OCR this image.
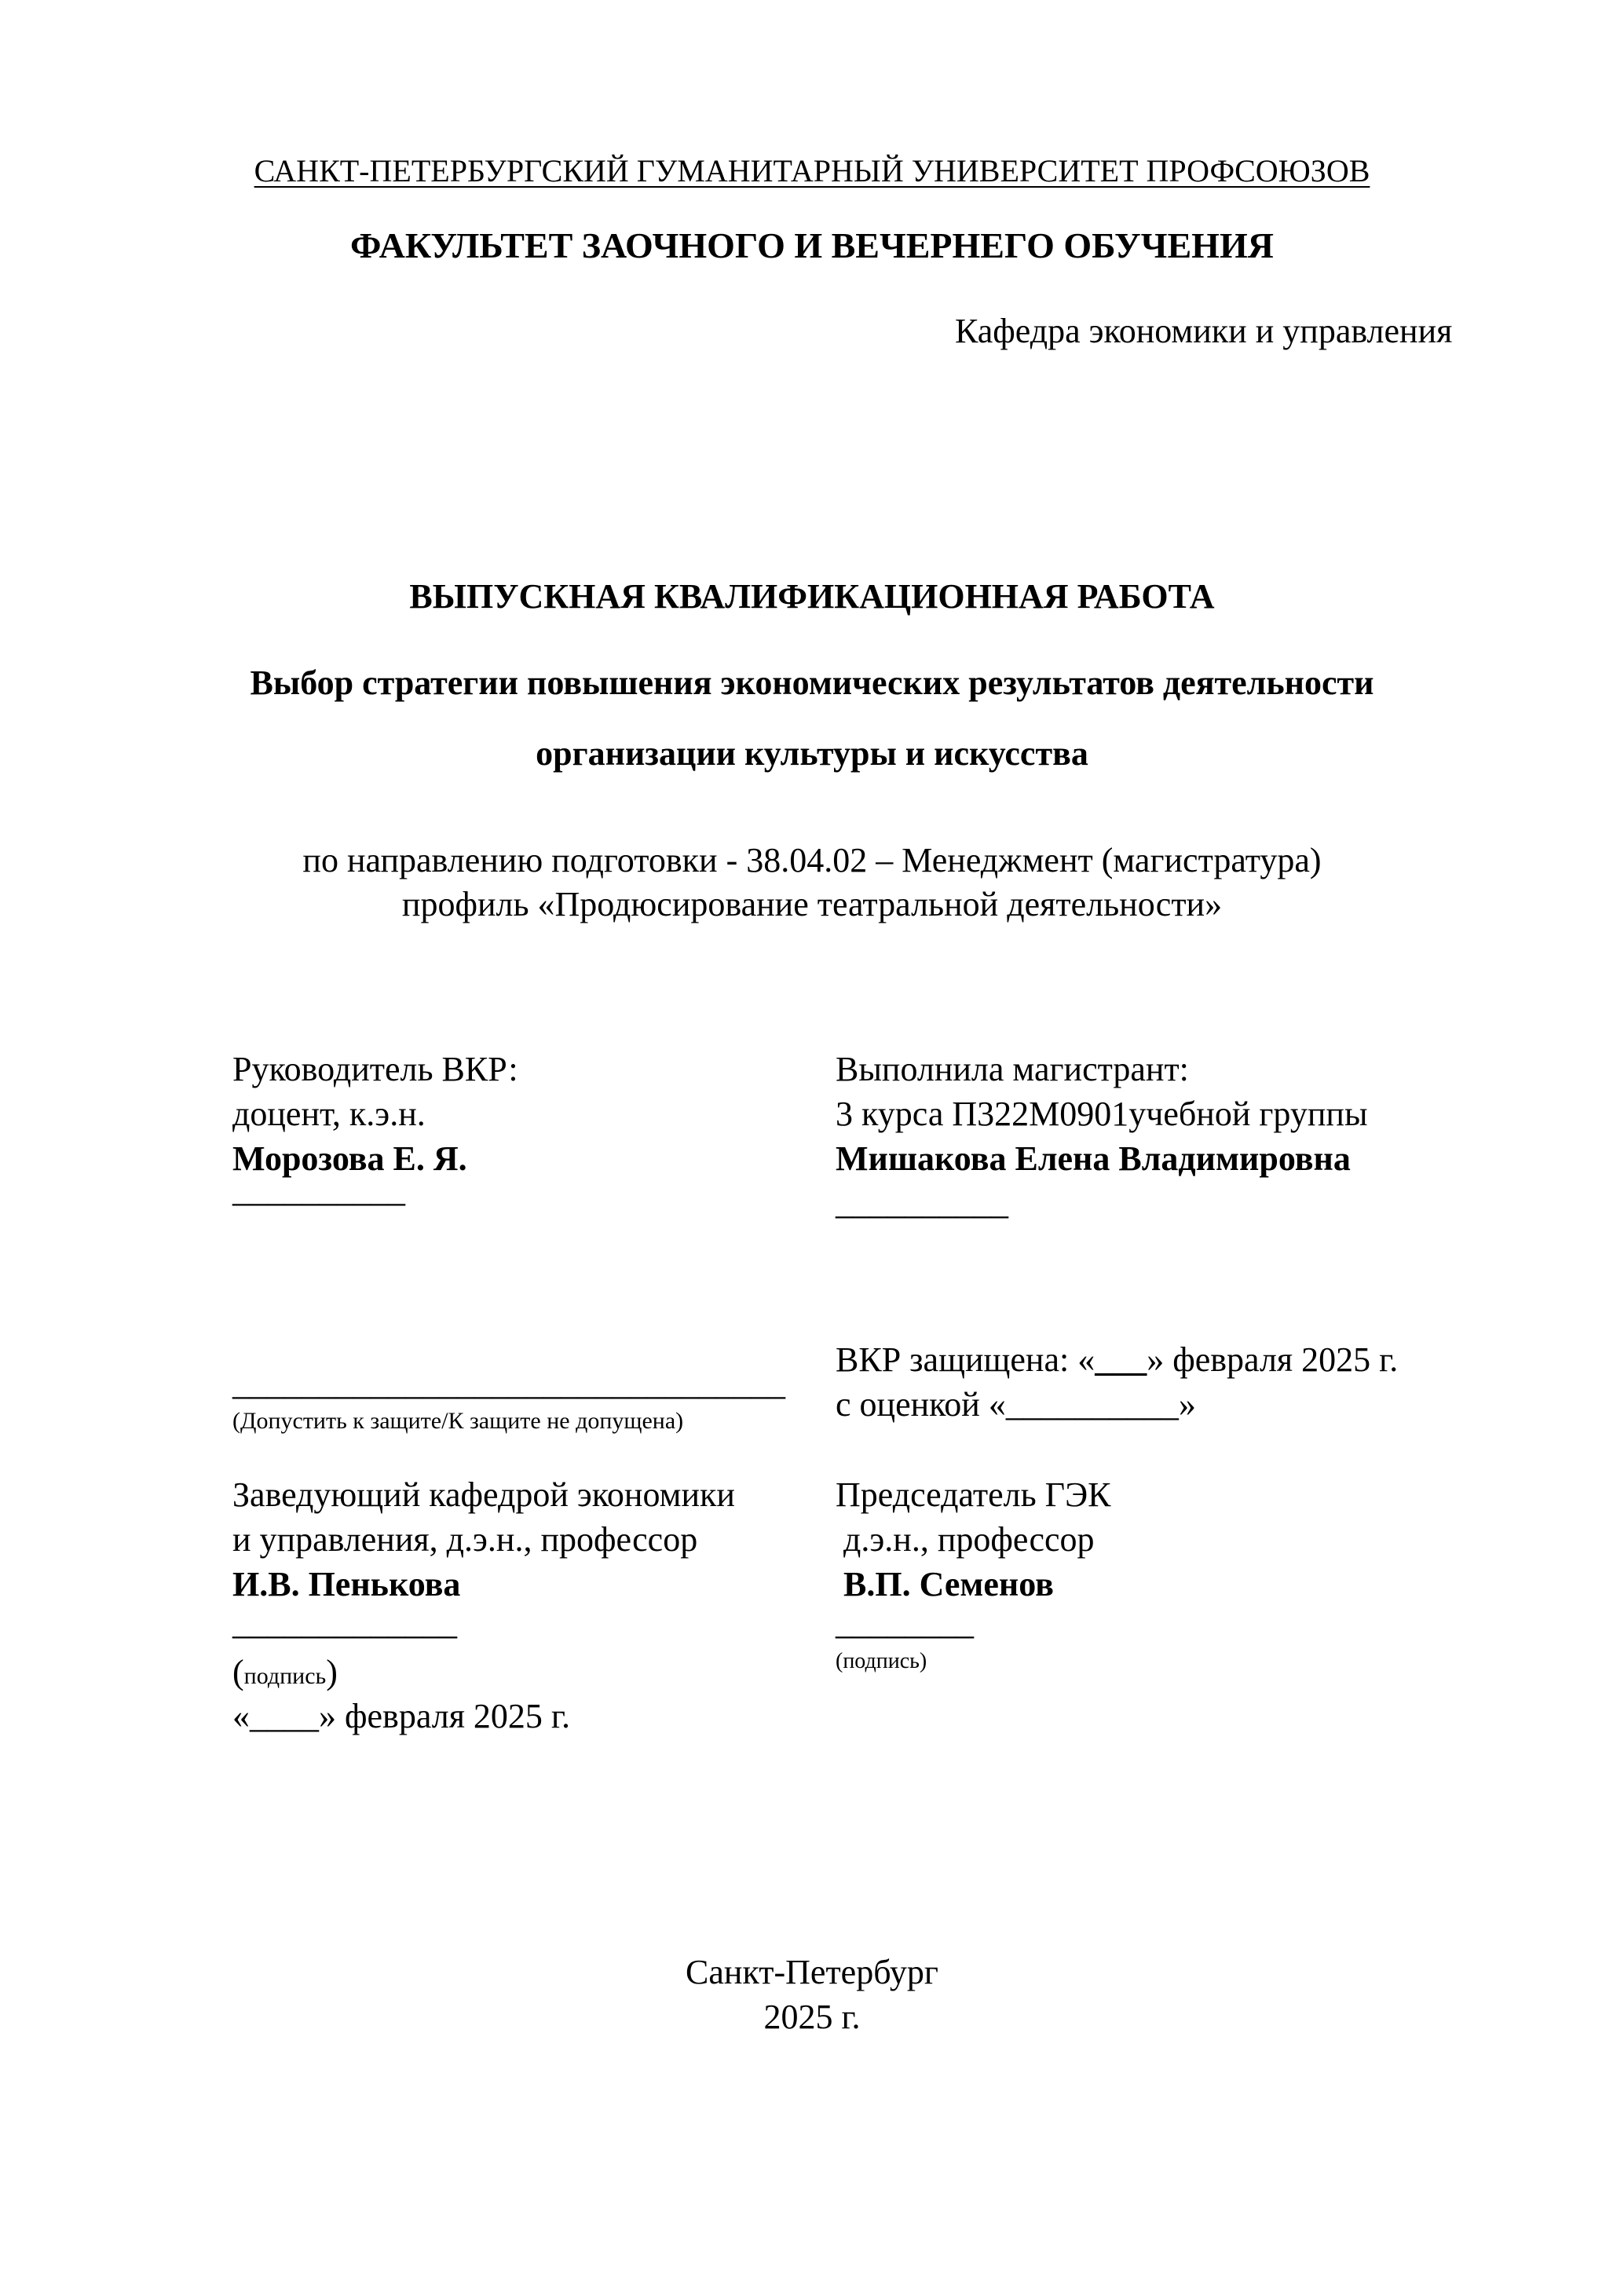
САНКТ-ПЕТЕРБУРГСКИЙ ГУМАНИТАРНЫЙ УНИВЕРСИТЕТ ПРОФСОЮЗОВ
ФАКУЛЬТЕТ ЗАОЧНОГО И ВЕЧЕРНЕГО ОБУЧЕНИЯ
Кафедра экономики и управления
ВЫПУСКНАЯ КВАЛИФИКАЦИОННАЯ РАБОТА
Выбор стратегии повышения экономических результатов деятельности
организации культуры и искусства
по направлению подготовки - 38.04.02 – Менеджмент (магистратура)
профиль «Продюсирование театральной деятельности»
Руководитель ВКР:
доцент, к.э.н.
Морозова Е. Я.
__________
Выполнила магистрант:
3 курса П322М0901учебной группы
Мишакова Елена Владимировна
__________
________________________________
(Допустить к защите/К защите не допущена)
ВКР защищена: «___» февраля 2025 г.
с оценкой «__________»
Заведующий кафедрой экономики
и управления, д.э.н., профессор
И.В. Пенькова
_____________
(подпись)
«____» февраля 2025 г.
Председатель ГЭК
д.э.н., профессор
В.П. Семенов
________
(подпись)
Санкт-Петербург
2025 г.
